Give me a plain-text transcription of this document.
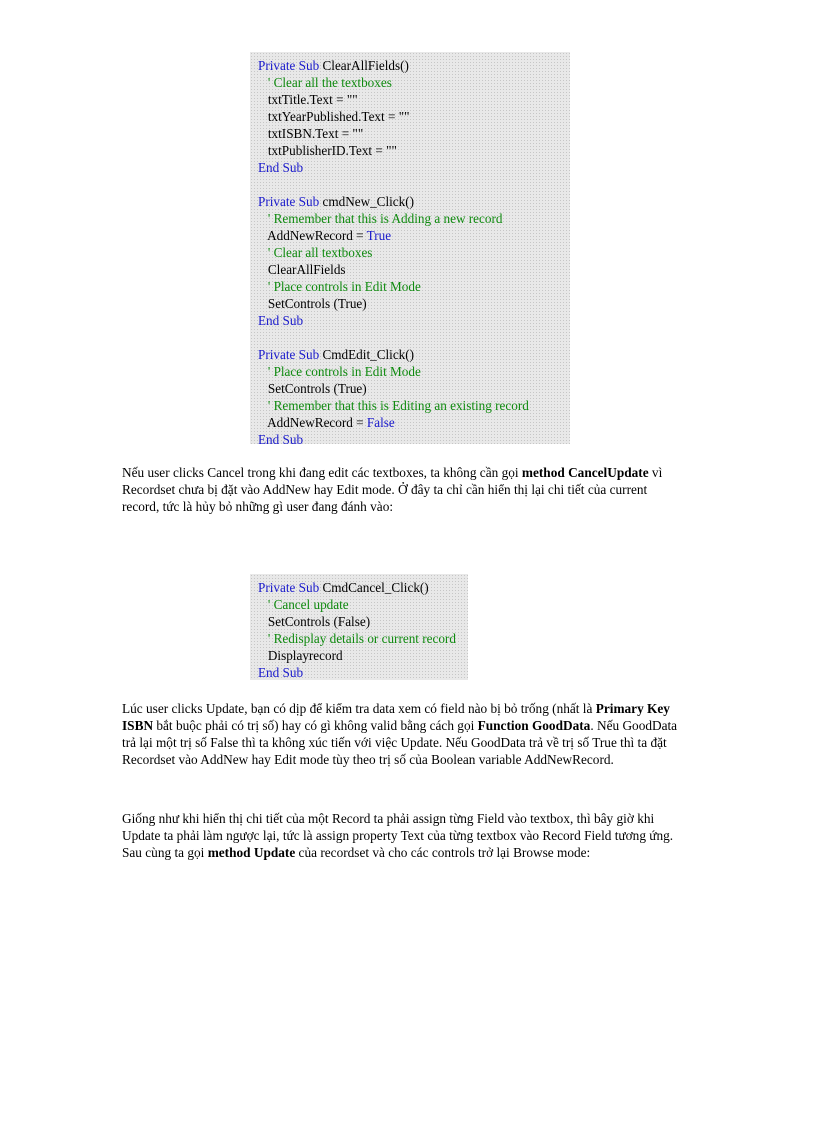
Private Sub ClearAllFields()
' Clear all the textboxes
txtTitle.Text = ""
txtYearPublished.Text = ""
txtISBN.Text = ""
txtPublisherID.Text = ""
End Sub
Private Sub cmdNew_Click()
' Remember that this is Adding a new record
AddNewRecord = True
' Clear all textboxes
ClearAllFields
' Place controls in Edit Mode
SetControls (True)
End Sub
Private Sub CmdEdit_Click()
' Place controls in Edit Mode
SetControls (True)
' Remember that this is Editing an existing record
AddNewRecord = False
End Sub

Nếu user clicks Cancel trong khi đang edit các textboxes, ta không cần gọi method CancelUpdate vì Recordset chưa bị đặt vào AddNew hay Edit mode. Ở đây ta chỉ cần hiển thị lại chi tiết của current record, tức là hủy bỏ những gì user đang đánh vào:

Private Sub CmdCancel_Click()
' Cancel update
SetControls (False)
' Redisplay details or current record
Displayrecord
End Sub

Lúc user clicks Update, bạn có dịp để kiểm tra data xem có field nào bị bỏ trống (nhất là Primary Key ISBN bắt buộc phải có trị số) hay có gì không valid bằng cách gọi Function GoodData. Nếu GoodData trả lại một trị số False thì ta không xúc tiến với việc Update. Nếu GoodData trả về trị số True thì ta đặt Recordset vào AddNew hay Edit mode tùy theo trị số của Boolean variable AddNewRecord.

Giống như khi hiển thị chi tiết của một Record ta phải assign từng Field vào textbox, thì bây giờ khi Update ta phải làm ngược lại, tức là assign property Text của từng textbox vào Record Field tương ứng. Sau cùng ta gọi method Update của recordset và cho các controls trở lại Browse mode:
